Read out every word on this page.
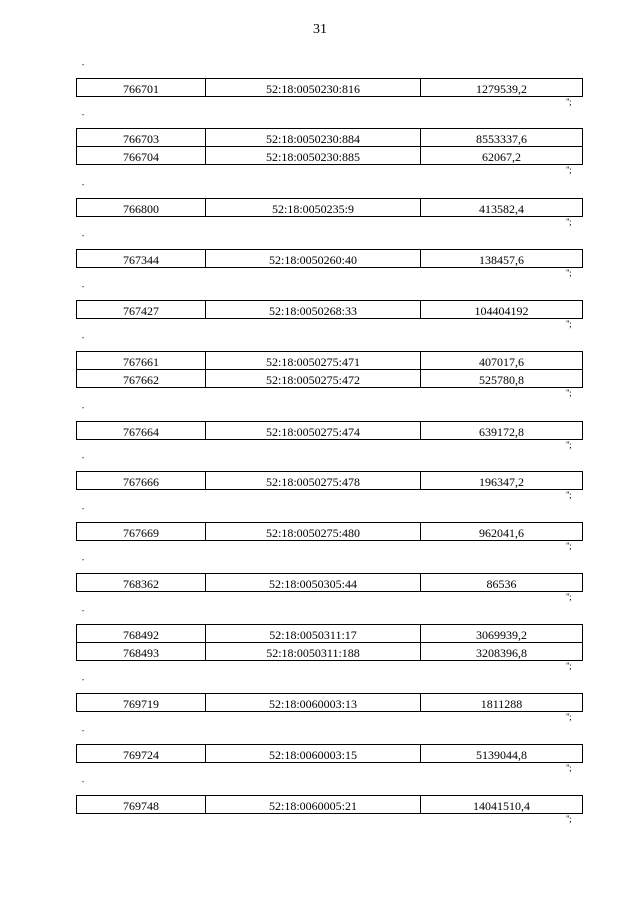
31
"
766701	52:18:0050230:816	1279539,2
";
"
766703	52:18:0050230:884	8553337,6
766704	52:18:0050230:885	62067,2
";
"
766800	52:18:0050235:9	413582,4
";
"
767344	52:18:0050260:40	138457,6
";
"
767427	52:18:0050268:33	104404192
";
"
767661	52:18:0050275:471	407017,6
767662	52:18:0050275:472	525780,8
";
"
767664	52:18:0050275:474	639172,8
";
"
767666	52:18:0050275:478	196347,2
";
"
767669	52:18:0050275:480	962041,6
";
"
768362	52:18:0050305:44	86536
";
"
768492	52:18:0050311:17	3069939,2
768493	52:18:0050311:188	3208396,8
";
"
769719	52:18:0060003:13	1811288
";
"
769724	52:18:0060003:15	5139044,8
";
"
769748	52:18:0060005:21	14041510,4
";
